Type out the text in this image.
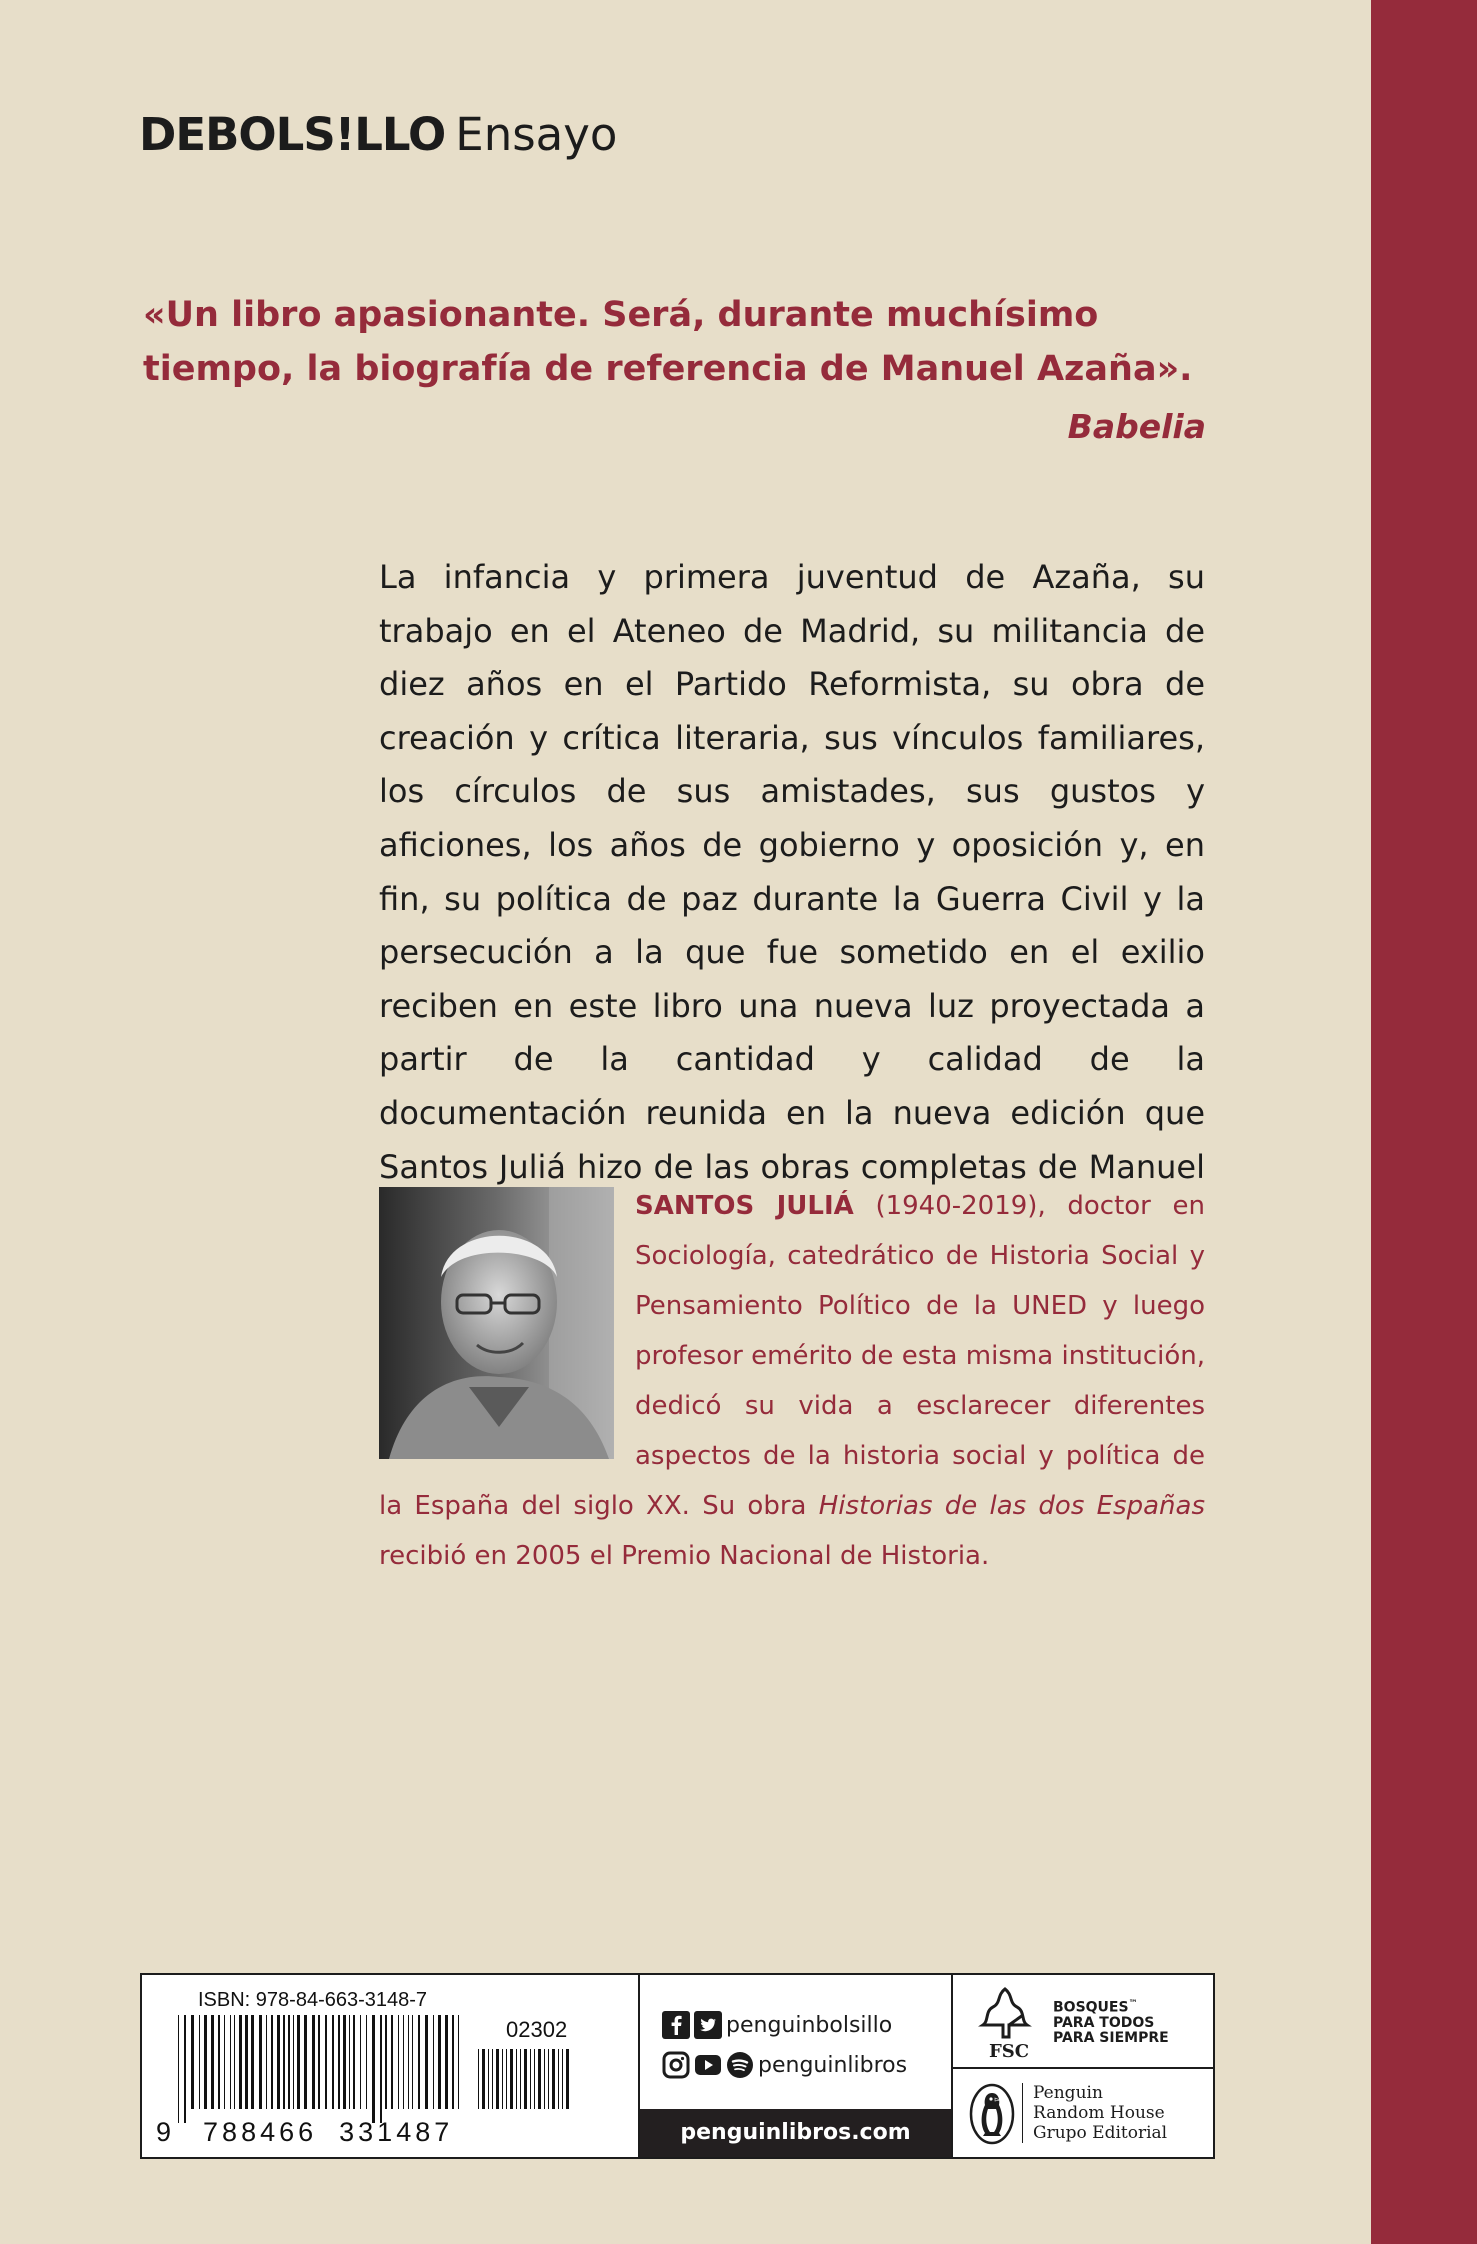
DEBOLS!LLO Ensayo
«Un libro apasionante. Será, durante muchísimo tiempo, la biografía de referencia de Manuel Azaña».
Babelia

La infancia y primera juventud de Azaña, su trabajo en el Ateneo de Madrid, su militancia de diez años en el Partido Reformista, su obra de creación y crítica literaria, sus vínculos familiares, los círculos de sus amistades, sus gustos y aficiones, los años de gobierno y oposición y, en fin, su política de paz durante la Guerra Civil y la persecución a la que fue sometido en el exilio reciben en este libro una nueva luz proyectada a partir de la cantidad y calidad de la documentación reunida en la nueva edición que Santos Juliá hizo de las obras completas de Manuel

SANTOS JULIÁ (1940-2019), doctor en Sociología, catedrático de Historia Social y Pensamiento Político de la UNED y luego profesor emérito de esta misma institución, dedicó su vida a esclarecer diferentes aspectos de la historia social y política de la España del siglo XX. Su obra Historias de las dos Españas recibió en 2005 el Premio Nacional de Historia.

ISBN: 978-84-663-3148-7
02302
9 788466 331487
penguinbolsillo
penguinlibros
penguinlibros.com
FSC
BOSQUES™
PARA TODOS
PARA SIEMPRE
Penguin
Random House
Grupo Editorial
